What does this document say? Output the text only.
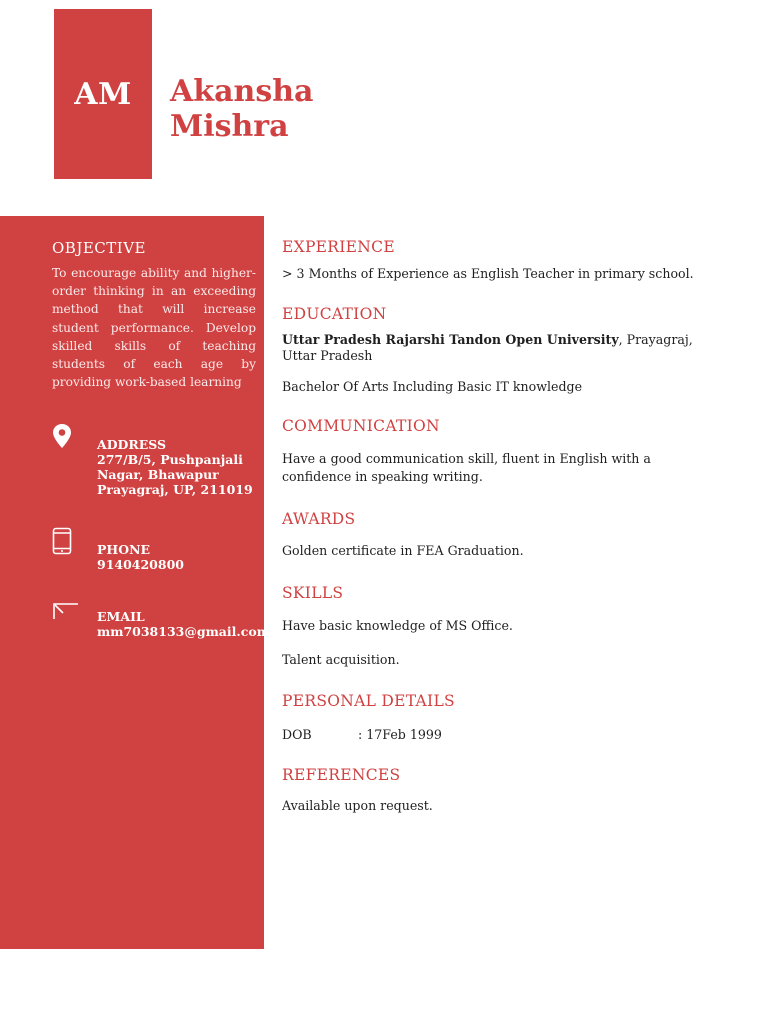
AM Akansha
Mishra
OBJECTIVE
To encourage ability and higher-order thinking in an exceeding method that will increase student performance. Develop skilled skills of teaching students of each age by providing work-based learning
ADDRESS
277/B/5, Pushpanjali Nagar, Bhawapur
Prayagraj, UP, 211019
PHONE
9140420800
EMAIL
mm7038133@gmail.com
EXPERIENCE
> 3 Months of Experience as English Teacher in primary school.
EDUCATION
Uttar Pradesh Rajarshi Tandon Open University, Prayagraj, Uttar Pradesh
Bachelor Of Arts Including Basic IT knowledge
COMMUNICATION
Have a good communication skill, fluent in English with a confidence in speaking writing.
AWARDS
Golden certificate in FEA Graduation.
SKILLS
Have basic knowledge of MS Office.
Talent acquisition.
PERSONAL DETAILS
DOB	: 17Feb 1999
REFERENCES
Available upon request.
